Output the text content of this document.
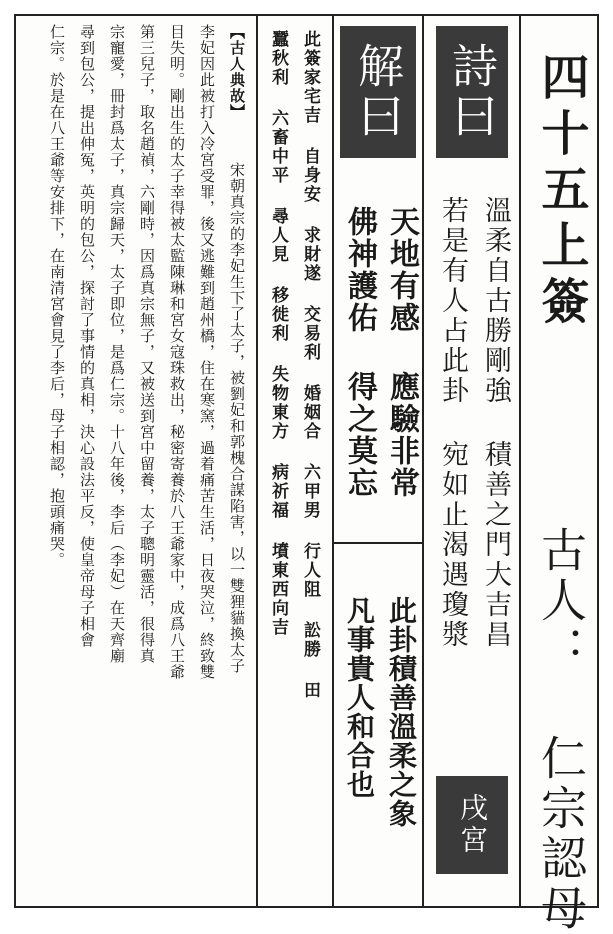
四十五上簽
古人： 仁宗認母
詩曰
溫柔自古勝剛強 積善之門大吉昌
若是有人占此卦 宛如止渴遇瓊漿
戌宮
解曰
天地有感 應驗非常
佛神護佑 得之莫忘
此卦積善溫柔之象
凡事貴人和合也
此簽家宅吉 自身安 求財遂 交易利 婚姻合 六甲男 行人阻 訟勝 田
蠶秋利 六畜中平 尋人見 移徙利 失物東方 病祈福 墳東西向吉
【古人典故】
宋朝真宗的李妃生下了太子，被劉妃和郭槐合謀陷害，以一雙狸貓換太子
李妃因此被打入冷宮受罪，後又逃難到趙州橋，住在寒窯，過着痛苦生活，日夜哭泣，終致雙
目失明。剛出生的太子幸得被太監陳琳和宮女寇珠救出，秘密寄養於八王爺家中，成爲八王爺
第三兒子，取名趙禎，六剛時，因爲真宗無子，又被送到宮中留養，太子聰明靈活，很得真
宗寵愛，冊封爲太子，真宗歸天，太子即位，是爲仁宗。十八年後，李后（李妃）在天齊廟
尋到包公，提出伸冤，英明的包公，探討了事情的真相，決心設法平反，使皇帝母子相會
仁宗。於是在八王爺等安排下，在南清宮會見了李后，母子相認，抱頭痛哭。
